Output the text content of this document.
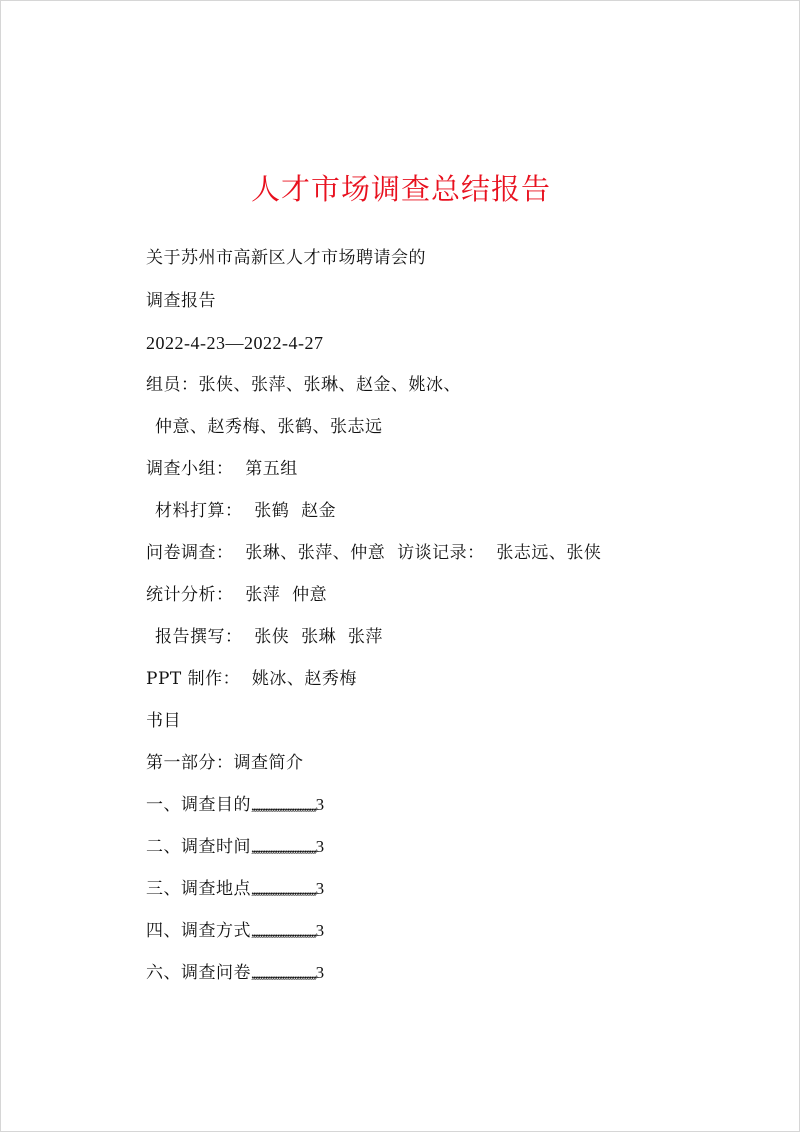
人才市场调查总结报告
关于苏州市高新区人才市场聘请会的
调查报告
2022-4-23—2022-4-27
组员：张侠、张萍、张琳、赵金、姚冰、
仲意、赵秀梅、张鹤、张志远
调查小组：  第五组
材料打算：  张鹤  赵金
问卷调查：  张琳、张萍、仲意  访谈记录：  张志远、张侠
统计分析：  张萍  仲意
报告撰写：  张侠  张琳  张萍
PPT 制作：  姚冰、赵秀梅
书目
第一部分：调查简介
一、调查目的,,,,,,,,,,,,,,,,,,,,,,,,,,,,,,,,,,,,,,3
二、调查时间,,,,,,,,,,,,,,,,,,,,,,,,,,,,,,,,,,,,,,3
三、调查地点,,,,,,,,,,,,,,,,,,,,,,,,,,,,,,,,,,,,,,3
四、调查方式,,,,,,,,,,,,,,,,,,,,,,,,,,,,,,,,,,,,,,3
六、调查问卷,,,,,,,,,,,,,,,,,,,,,,,,,,,,,,,,,,,,,,3
